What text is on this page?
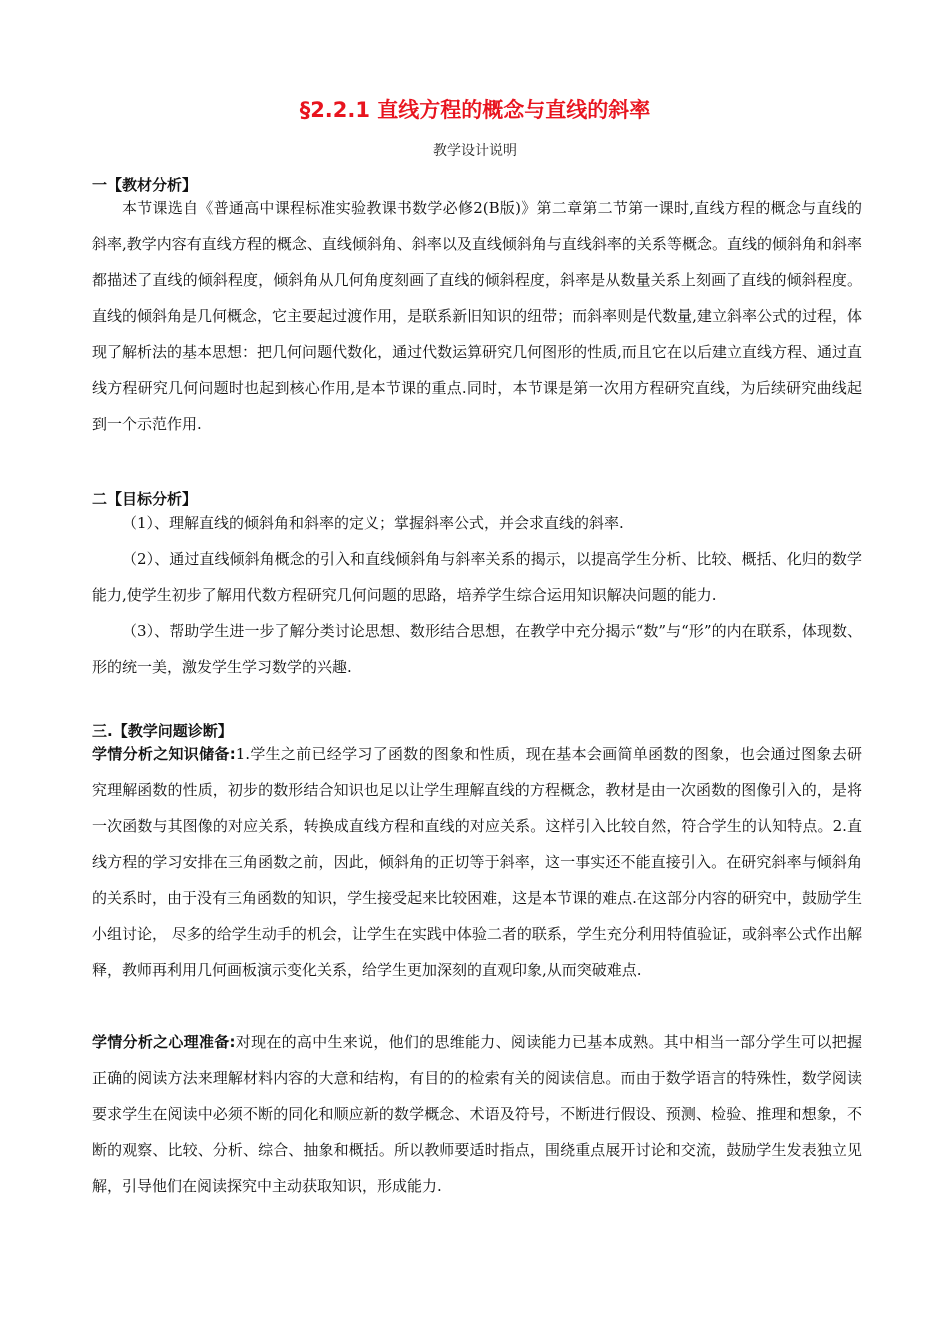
§2.2.1 直线方程的概念与直线的斜率

教学设计说明

一【教材分析】

本节课选自《普通高中课程标准实验教课书数学必修2(B版)》第二章第二节第一课时,直线方程的概念与直线的斜率,教学内容有直线方程的概念、直线倾斜角、斜率以及直线倾斜角与直线斜率的关系等概念。直线的倾斜角和斜率都描述了直线的倾斜程度，倾斜角从几何角度刻画了直线的倾斜程度，斜率是从数量关系上刻画了直线的倾斜程度。直线的倾斜角是几何概念，它主要起过渡作用，是联系新旧知识的纽带；而斜率则是代数量,建立斜率公式的过程，体现了解析法的基本思想：把几何问题代数化，通过代数运算研究几何图形的性质,而且它在以后建立直线方程、通过直线方程研究几何问题时也起到核心作用,是本节课的重点.同时，本节课是第一次用方程研究直线，为后续研究曲线起到一个示范作用.

二【目标分析】

（1）、理解直线的倾斜角和斜率的定义；掌握斜率公式，并会求直线的斜率.

（2）、通过直线倾斜角概念的引入和直线倾斜角与斜率关系的揭示，以提高学生分析、比较、概括、化归的数学能力,使学生初步了解用代数方程研究几何问题的思路，培养学生综合运用知识解决问题的能力.

（3）、帮助学生进一步了解分类讨论思想、数形结合思想，在教学中充分揭示“数”与“形”的内在联系，体现数、形的统一美，激发学生学习数学的兴趣.

三.【教学问题诊断】

学情分析之知识储备:1.学生之前已经学习了函数的图象和性质，现在基本会画简单函数的图象，也会通过图象去研究理解函数的性质，初步的数形结合知识也足以让学生理解直线的方程概念，教材是由一次函数的图像引入的，是将一次函数与其图像的对应关系，转换成直线方程和直线的对应关系。这样引入比较自然，符合学生的认知特点。2.直线方程的学习安排在三角函数之前，因此，倾斜角的正切等于斜率，这一事实还不能直接引入。在研究斜率与倾斜角的关系时，由于没有三角函数的知识，学生接受起来比较困难，这是本节课的难点.在这部分内容的研究中，鼓励学生小组讨论， 尽多的给学生动手的机会，让学生在实践中体验二者的联系，学生充分利用特值验证，或斜率公式作出解释，教师再利用几何画板演示变化关系，给学生更加深刻的直观印象,从而突破难点.

学情分析之心理准备:对现在的高中生来说，他们的思维能力、阅读能力已基本成熟。其中相当一部分学生可以把握正确的阅读方法来理解材料内容的大意和结构，有目的的检索有关的阅读信息。而由于数学语言的特殊性，数学阅读要求学生在阅读中必须不断的同化和顺应新的数学概念、术语及符号，不断进行假设、预测、检验、推理和想象，不断的观察、比较、分析、综合、抽象和概括。所以教师要适时指点，围绕重点展开讨论和交流，鼓励学生发表独立见解，引导他们在阅读探究中主动获取知识，形成能力.
